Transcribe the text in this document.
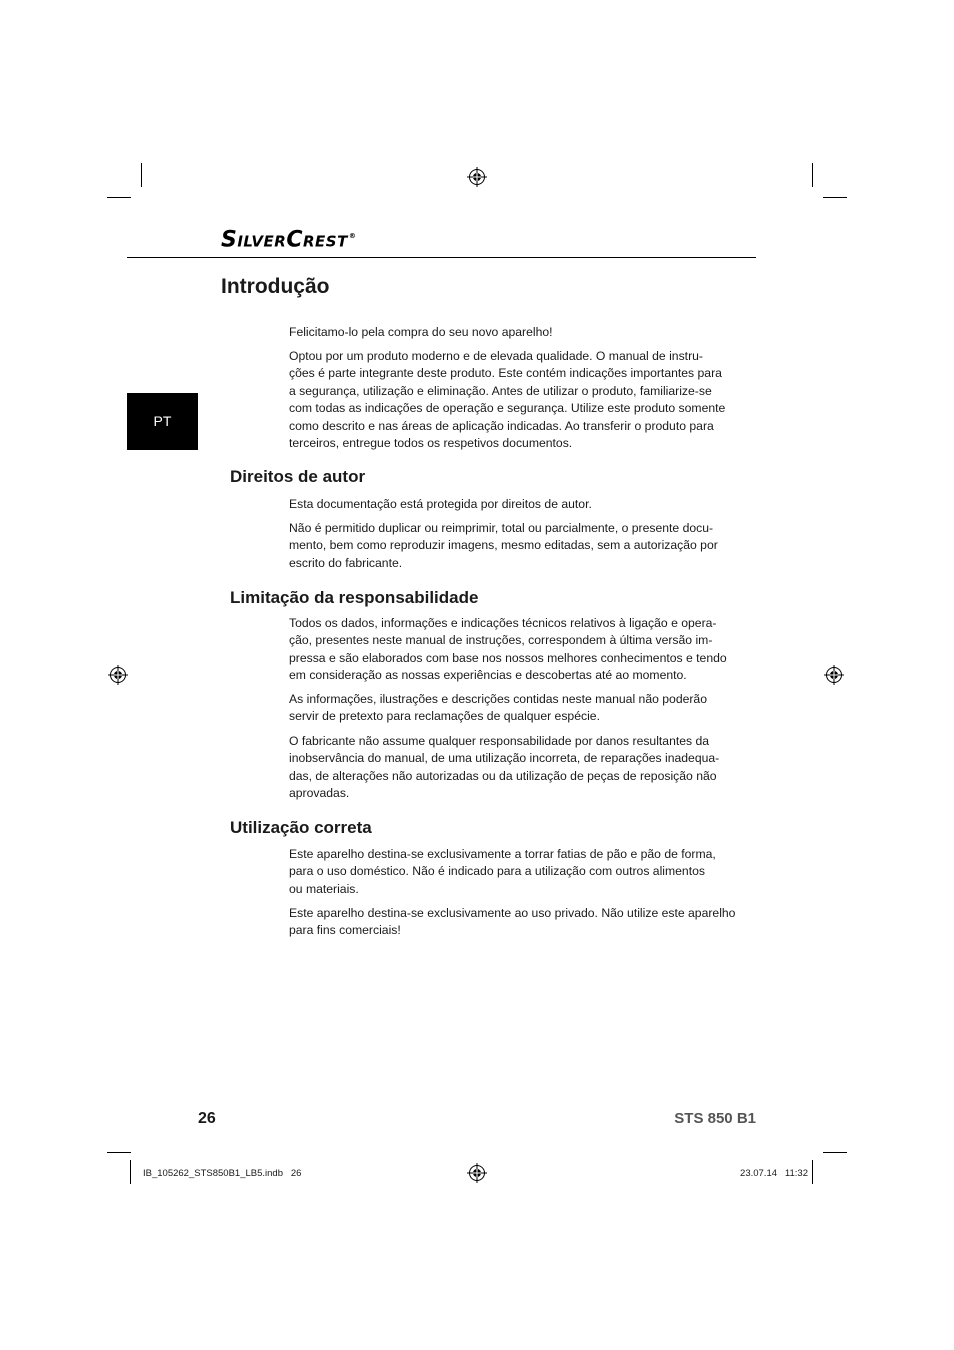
SilverCrest®
PT
Introdução

Felicitamo-lo pela compra do seu novo aparelho!

Optou por um produto moderno e de elevada qualidade. O manual de instru-
ções é parte integrante deste produto. Este contém indicações importantes para
a segurança, utilização e eliminação. Antes de utilizar o produto, familiarize-se
com todas as indicações de operação e segurança. Utilize este produto somente
como descrito e nas áreas de aplicação indicadas. Ao transferir o produto para
terceiros, entregue todos os respetivos documentos.

Direitos de autor

Esta documentação está protegida por direitos de autor.

Não é permitido duplicar ou reimprimir, total ou parcialmente, o presente docu-
mento, bem como reproduzir imagens, mesmo editadas, sem a autorização por
escrito do fabricante.

Limitação da responsabilidade

Todos os dados, informações e indicações técnicos relativos à ligação e opera-
ção, presentes neste manual de instruções, correspondem à última versão im-
pressa e são elaborados com base nos nossos melhores conhecimentos e tendo
em consideração as nossas experiências e descobertas até ao momento.

As informações, ilustrações e descrições contidas neste manual não poderão
servir de pretexto para reclamações de qualquer espécie.

O fabricante não assume qualquer responsabilidade por danos resultantes da
inobservância do manual, de uma utilização incorreta, de reparações inadequa-
das, de alterações não autorizadas ou da utilização de peças de reposição não
aprovadas.

Utilização correta

Este aparelho destina-se exclusivamente a torrar fatias de pão e pão de forma,
para o uso doméstico. Não é indicado para a utilização com outros alimentos
ou materiais.

Este aparelho destina-se exclusivamente ao uso privado. Não utilize este aparelho
para fins comerciais!

26	STS 850 B1
IB_105262_STS850B1_LB5.indb   26	23.07.14   11:32
